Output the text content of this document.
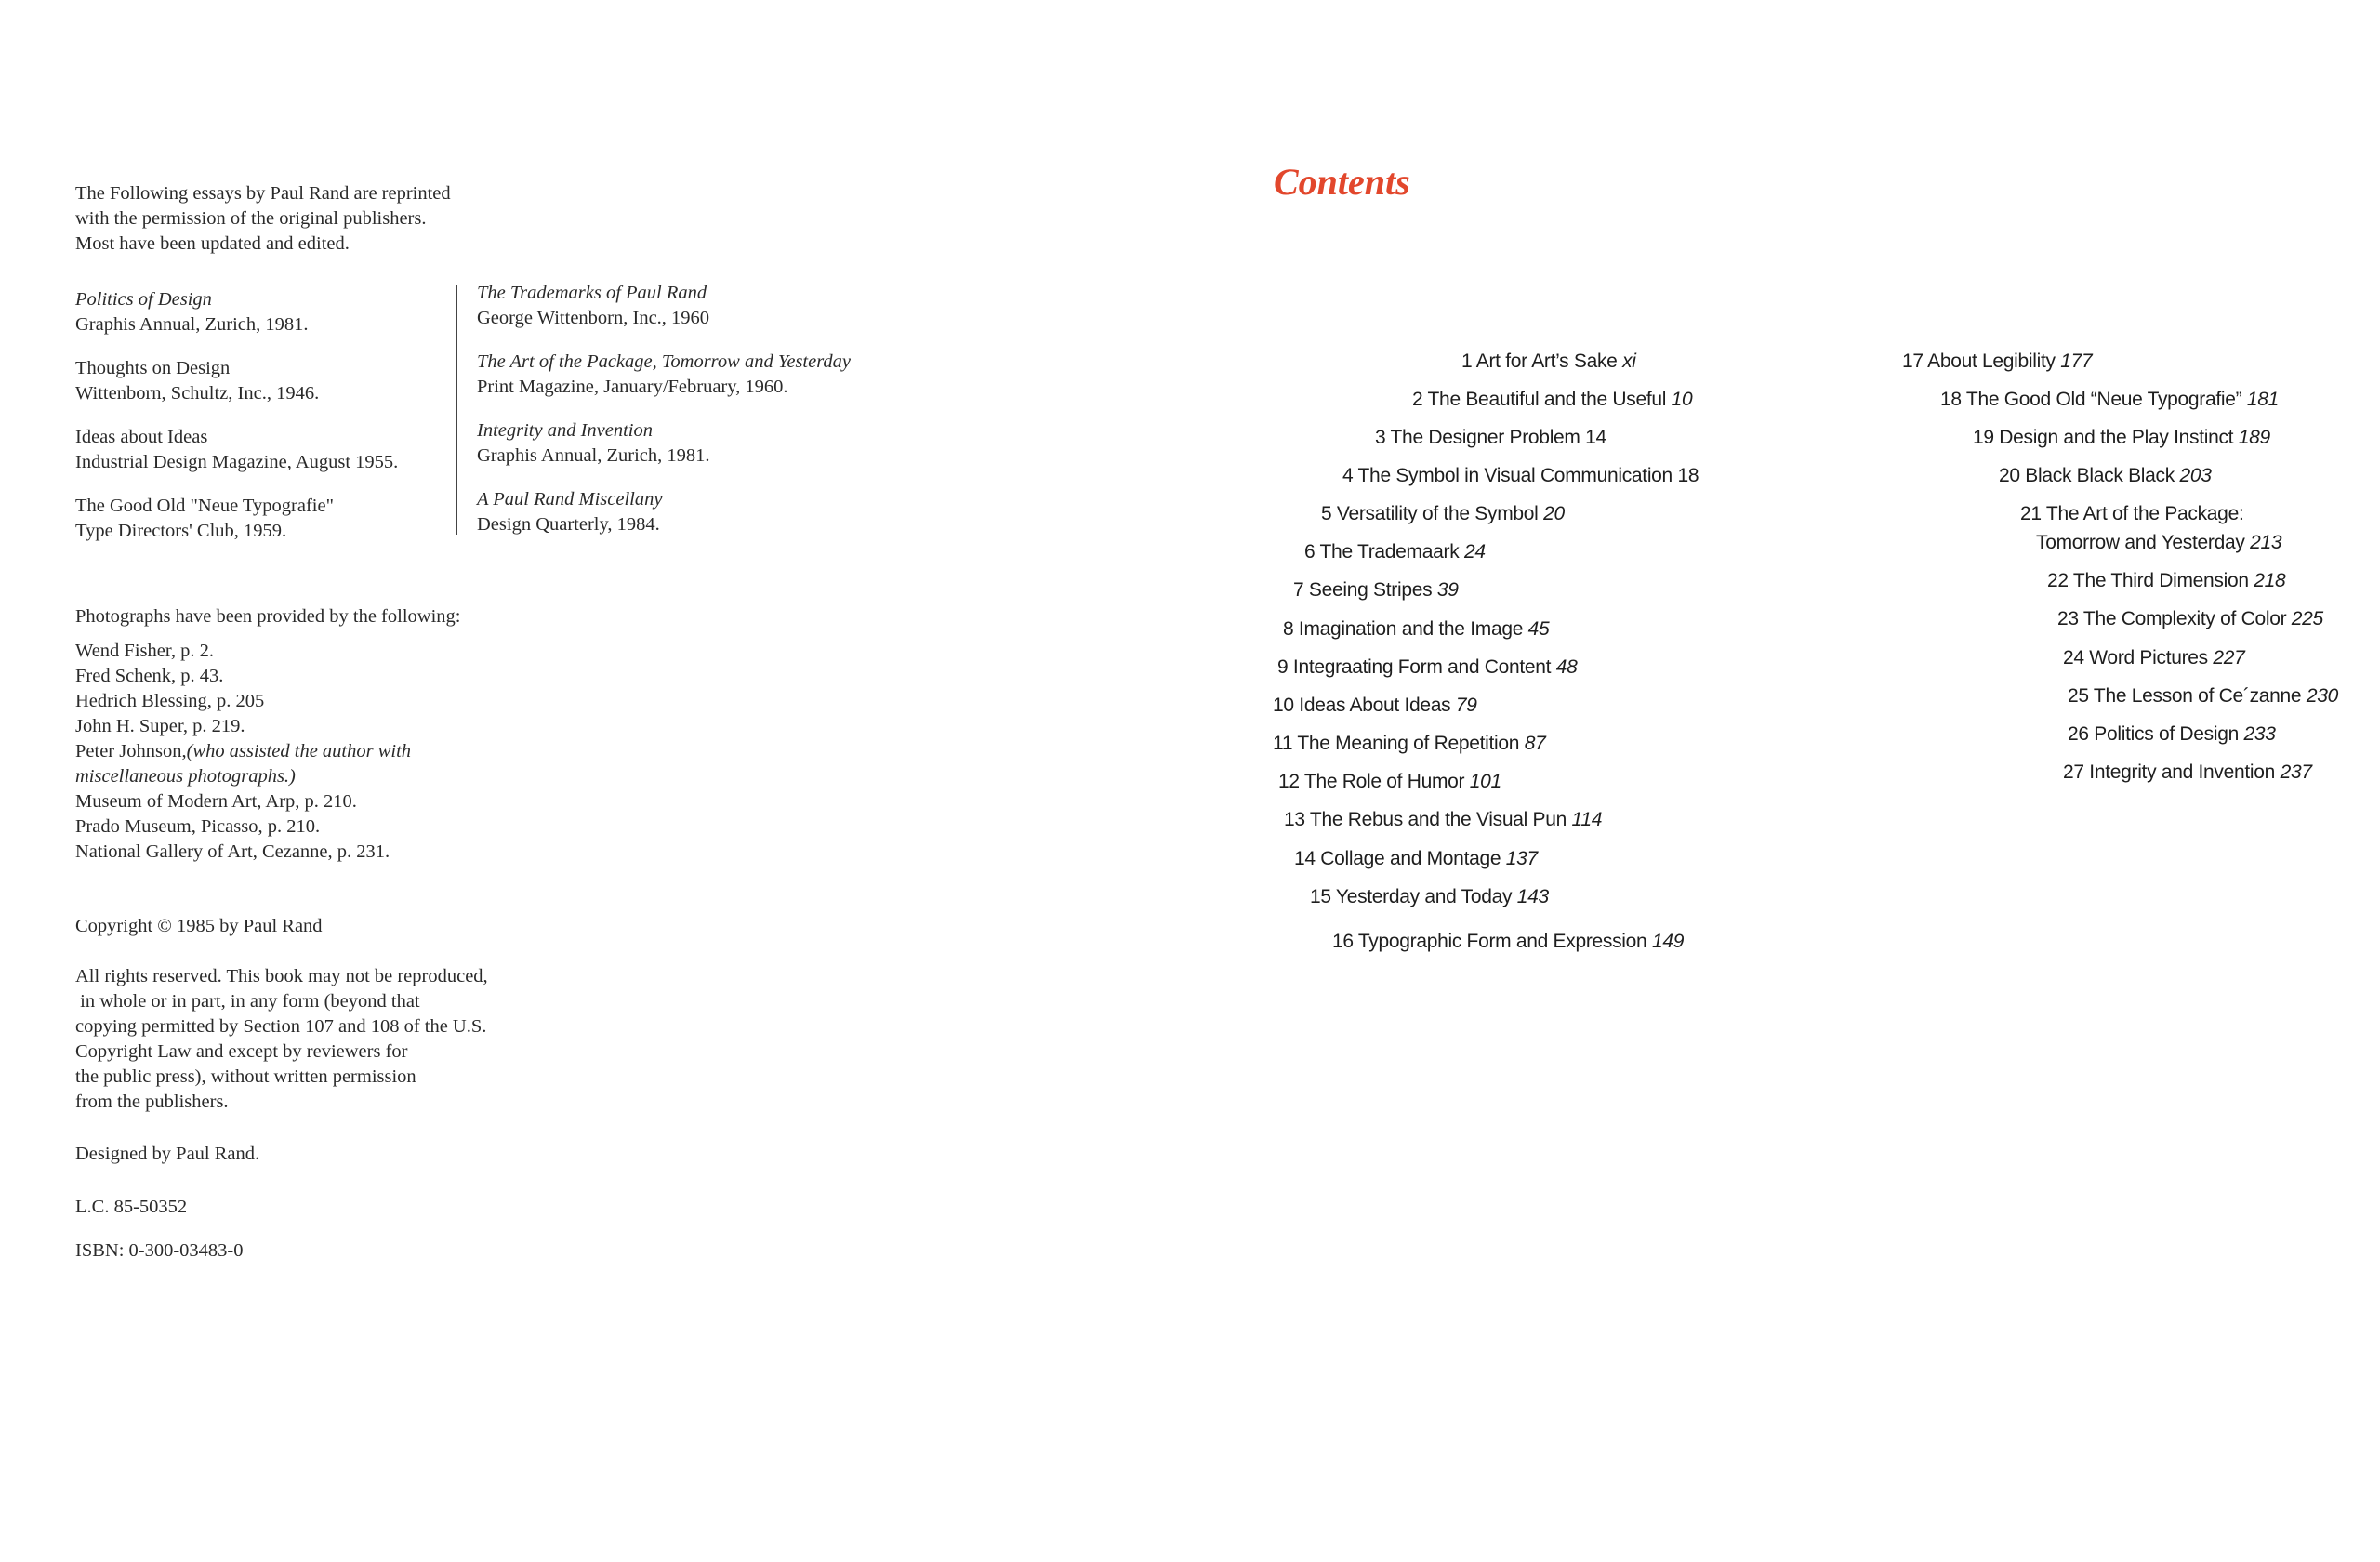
The Following essays by Paul Rand are reprinted
with the permission of the original publishers.
Most have been updated and edited.
Politics of Design
Graphis Annual, Zurich, 1981.
Thoughts on Design
Wittenborn, Schultz, Inc., 1946.
Ideas about Ideas
Industrial Design Magazine, August 1955.
The Good Old "Neue Typografie"
Type Directors' Club, 1959.
The Trademarks of Paul Rand
George Wittenborn, Inc., 1960
The Art of the Package, Tomorrow and Yesterday
Print Magazine, January/February, 1960.
Integrity and Invention
Graphis Annual, Zurich, 1981.
A Paul Rand Miscellany
Design Quarterly, 1984.
Photographs have been provided by the following:
Wend Fisher, p. 2.
Fred Schenk, p. 43.
Hedrich Blessing, p. 205
John H. Super, p. 219.
Peter Johnson,(who assisted the author with
miscellaneous photographs.)
Museum of Modern Art, Arp, p. 210.
Prado Museum, Picasso, p. 210.
National Gallery of Art, Cezanne, p. 231.
Copyright © 1985 by Paul Rand
All rights reserved. This book may not be reproduced,
in whole or in part, in any form (beyond that
copying permitted by Section 107 and 108 of the U.S.
Copyright Law and except by reviewers for
the public press), without written permission
from the publishers.
Designed by Paul Rand.
L.C. 85-50352
ISBN: 0-300-03483-0
Contents
1 Art for Art’s Sake xi
2 The Beautiful and the Useful 10
3 The Designer Problem 14
4 The Symbol in Visual Communication 18
5 Versatility of the Symbol 20
6 The Trademaark 24
7 Seeing Stripes 39
8 Imagination and the Image 45
9 Integraating Form and Content 48
10 Ideas About Ideas 79
11 The Meaning of Repetition 87
12 The Role of Humor 101
13 The Rebus and the Visual Pun 114
14 Collage and Montage 137
15 Yesterday and Today 143
16 Typographic Form and Expression 149
17 About Legibility 177
18 The Good Old “Neue Typografie” 181
19 Design and the Play Instinct 189
20 Black Black Black 203
21 The Art of the Package:
Tomorrow and Yesterday 213
22 The Third Dimension 218
23 The Complexity of Color 225
24 Word Pictures 227
25 The Lesson of Ce´zanne 230
26 Politics of Design 233
27 Integrity and Invention 237
